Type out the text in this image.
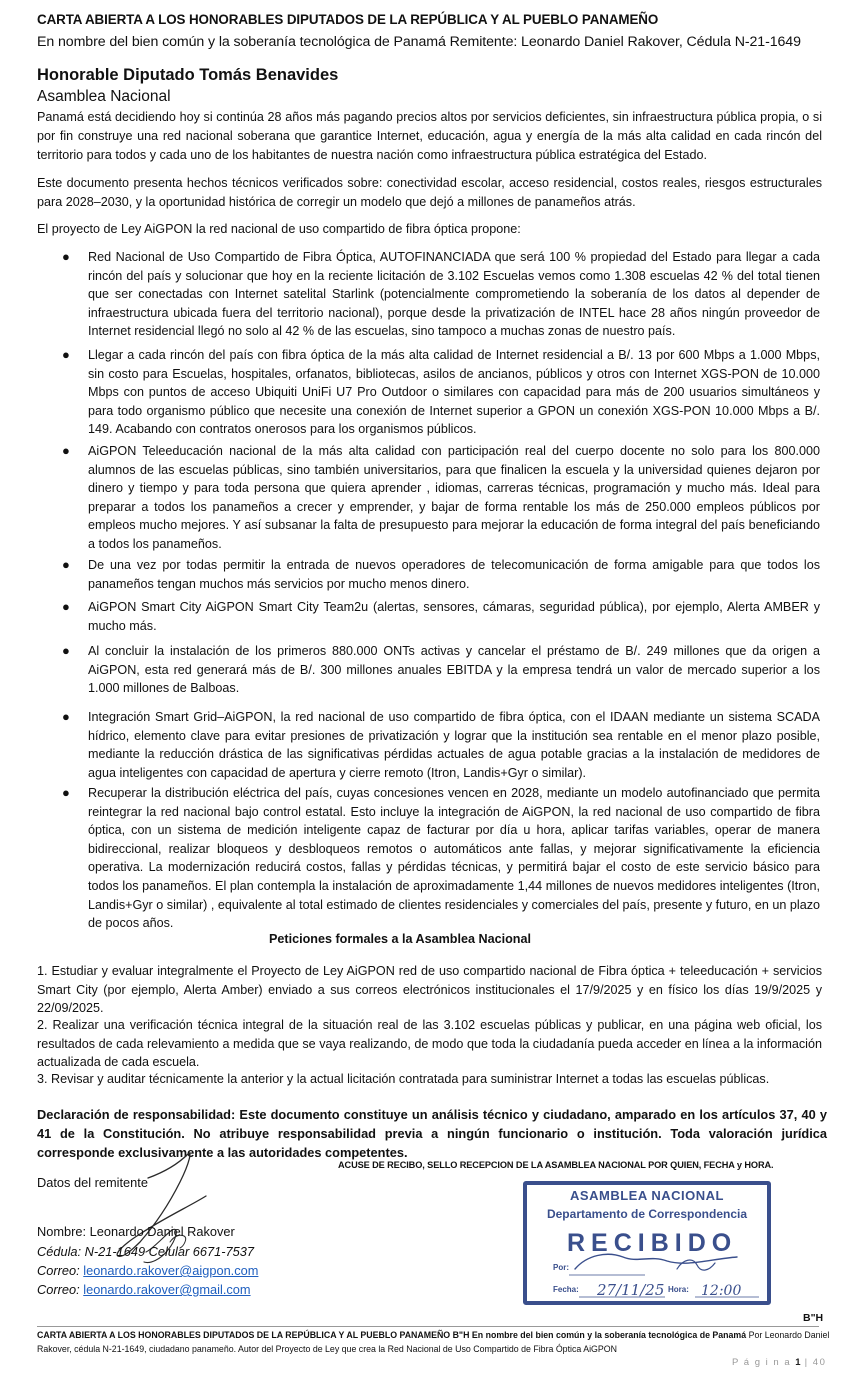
CARTA ABIERTA A LOS HONORABLES DIPUTADOS DE LA REPÚBLICA Y AL PUEBLO PANAMEÑO
En nombre del bien común y la soberanía tecnológica de Panamá Remitente: Leonardo Daniel Rakover, Cédula N-21-1649
Honorable Diputado Tomás Benavides
Asamblea Nacional

Panamá está decidiendo hoy si continúa 28 años más pagando precios altos por servicios deficientes, sin infraestructura pública propia, o si por fin construye una red nacional soberana que garantice Internet, educación, agua y energía de la más alta calidad en cada rincón del territorio para todos y cada uno de los habitantes de nuestra nación como infraestructura pública estratégica del Estado.

Este documento presenta hechos técnicos verificados sobre: conectividad escolar, acceso residencial, costos reales, riesgos estructurales para 2028–2030, y la oportunidad histórica de corregir un modelo que dejó a millones de panameños atrás.

El proyecto de Ley AiGPON la red nacional de uso compartido de fibra óptica propone:

● Red Nacional de Uso Compartido de Fibra Óptica, AUTOFINANCIADA que será 100 % propiedad del Estado para llegar a cada rincón del país y solucionar que hoy en la reciente licitación de 3.102 Escuelas vemos como 1.308 escuelas 42 % del total tienen que ser conectadas con Internet satelital Starlink (potencialmente comprometiendo la soberanía de los datos al depender de infraestructura ubicada fuera del territorio nacional), porque desde la privatización de INTEL hace 28 años ningún proveedor de Internet residencial llegó no solo al 42 % de las escuelas, sino tampoco a muchas zonas de nuestro país.
● Llegar a cada rincón del país con fibra óptica de la más alta calidad de Internet residencial a B/. 13 por 600 Mbps a 1.000 Mbps, sin costo para Escuelas, hospitales, orfanatos, bibliotecas, asilos de ancianos, públicos y otros con Internet XGS-PON de 10.000 Mbps con puntos de acceso Ubiquiti UniFi U7 Pro Outdoor o similares con capacidad para más de 200 usuarios simultáneos y para todo organismo público que necesite una conexión de Internet superior a GPON un conexión XGS-PON 10.000 Mbps a B/. 149. Acabando con contratos onerosos para los organismos públicos.
● AiGPON Teleeducación nacional de la más alta calidad con participación real del cuerpo docente no solo para los 800.000 alumnos de las escuelas públicas, sino también universitarios, para que finalicen la escuela y la universidad quienes dejaron por dinero y tiempo y para toda persona que quiera aprender , idiomas, carreras técnicas, programación y mucho más. Ideal para preparar a todos los panameños a crecer y emprender, y bajar de forma rentable los más de 250.000 empleos públicos por empleos mucho mejores. Y así subsanar la falta de presupuesto para mejorar la educación de forma integral del país beneficiando a todos los panameños.
● De una vez por todas permitir la entrada de nuevos operadores de telecomunicación de forma amigable para que todos los panameños tengan muchos más servicios por mucho menos dinero.
● AiGPON Smart City AiGPON Smart City Team2u (alertas, sensores, cámaras, seguridad pública), por ejemplo, Alerta AMBER y mucho más.
● Al concluir la instalación de los primeros 880.000 ONTs activas y cancelar el préstamo de B/. 249 millones que da origen a AiGPON, esta red generará más de B/. 300 millones anuales EBITDA y la empresa tendrá un valor de mercado superior a los 1.000 millones de Balboas.
● Integración Smart Grid–AiGPON, la red nacional de uso compartido de fibra óptica, con el IDAAN mediante un sistema SCADA hídrico, elemento clave para evitar presiones de privatización y lograr que la institución sea rentable en el menor plazo posible, mediante la reducción drástica de las significativas pérdidas actuales de agua potable gracias a la instalación de medidores de agua inteligentes con capacidad de apertura y cierre remoto (Itron, Landis+Gyr o similar).
● Recuperar la distribución eléctrica del país, cuyas concesiones vencen en 2028, mediante un modelo autofinanciado que permita reintegrar la red nacional bajo control estatal. Esto incluye la integración de AiGPON, la red nacional de uso compartido de fibra óptica, con un sistema de medición inteligente capaz de facturar por día u hora, aplicar tarifas variables, operar de manera bidireccional, realizar bloqueos y desbloqueos remotos o automáticos ante fallas, y mejorar significativamente la eficiencia operativa. La modernización reducirá costos, fallas y pérdidas técnicas, y permitirá bajar el costo de este servicio básico para todos los panameños. El plan contempla la instalación de aproximadamente 1,44 millones de nuevos medidores inteligentes (Itron, Landis+Gyr o similar) , equivalente al total estimado de clientes residenciales y comerciales del país, presente y futuro, en un plazo de pocos años.
Peticiones formales a la Asamblea Nacional

1. Estudiar y evaluar integralmente el Proyecto de Ley AiGPON red de uso compartido nacional de Fibra óptica + teleeducación + servicios Smart City (por ejemplo, Alerta Amber) enviado a sus correos electrónicos institucionales el 17/9/2025 y en físico los días 19/9/2025 y 22/09/2025.

2. Realizar una verificación técnica integral de la situación real de las 3.102 escuelas públicas y publicar, en una página web oficial, los resultados de cada relevamiento a medida que se vaya realizando, de modo que toda la ciudadanía pueda acceder en línea a la información actualizada de cada escuela.

3. Revisar y auditar técnicamente la anterior y la actual licitación contratada para suministrar Internet a todas las escuelas públicas.

Declaración de responsabilidad: Este documento constituye un análisis técnico y ciudadano, amparado en los artículos 37, 40 y 41 de la Constitución. No atribuye responsabilidad previa a ningún funcionario o institución. Toda valoración jurídica corresponde exclusivamente a las autoridades competentes.

ACUSE DE RECIBO, SELLO RECEPCION DE LA ASAMBLEA NACIONAL POR QUIEN, FECHA y HORA.
Datos del remitente
Nombre: Leonardo Daniel Rakover
Cédula: N-21-1649 Celular 6671-7537
Correo: leonardo.rakover@aigpon.com
Correo: leonardo.rakover@gmail.com
ASAMBLEA NACIONAL
Departamento de Correspondencia
RECIBIDO
Por:
Fecha:	Hora:
27/11/25	12:00
B"H
CARTA ABIERTA A LOS HONORABLES DIPUTADOS DE LA REPÚBLICA Y AL PUEBLO PANAMEÑO B"H En nombre del bien común y la soberanía tecnológica de Panamá Por Leonardo Daniel Rakover, cédula N-21-1649, ciudadano panameño. Autor del Proyecto de Ley que crea la Red Nacional de Uso Compartido de Fibra Óptica AiGPON
P á g i n a 1 | 40
